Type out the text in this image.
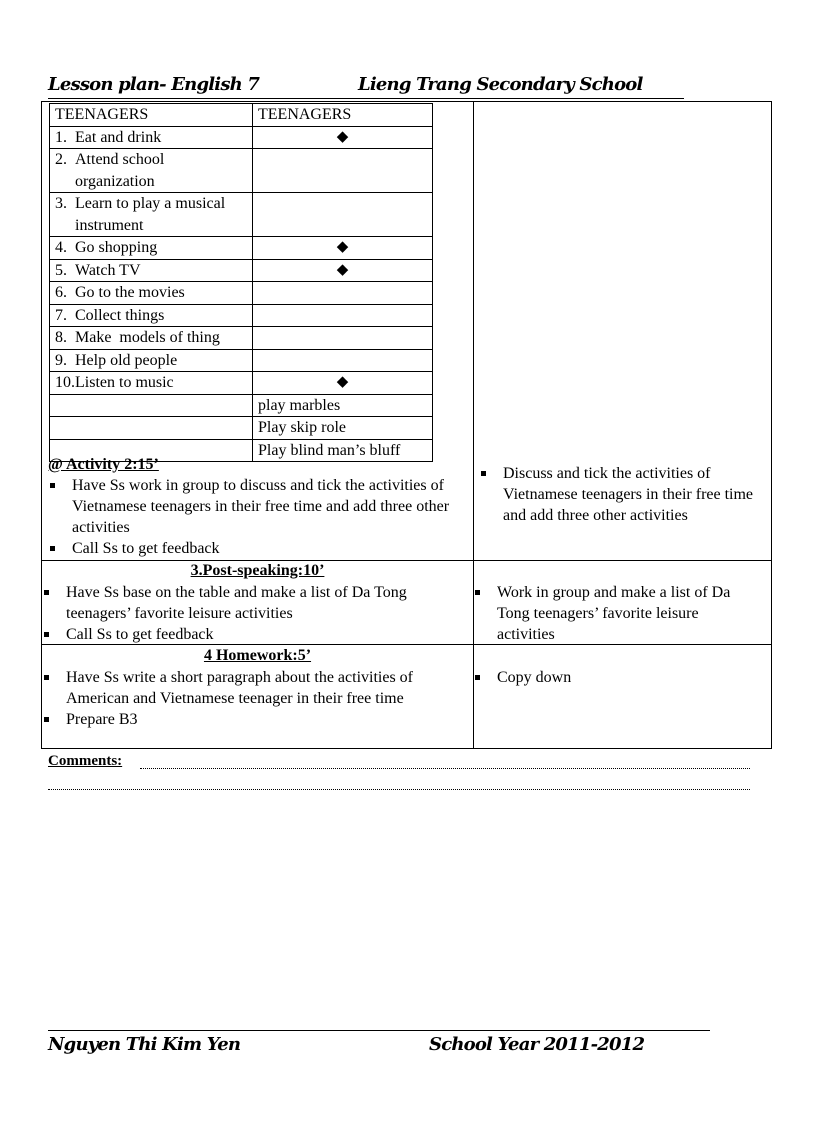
Lesson plan- English 7	Lieng Trang Secondary School
TEENAGERS	TEENAGERS
1. Eat and drink	◆
2. Attend school
organization	

3. Learn to play a musical
instrument	

4. Go shopping	◆
5. Watch TV	◆
6. Go to the movies	
7. Collect things	
8. Make  models of thing	
9. Help old people	
10.Listen to music	◆
	play marbles
	Play skip role
	Play blind man’s bluff
@ Activity 2:15’
Have Ss work in group to discuss and tick the activities of Vietnamese teenagers in their free time and add three other activities
Call Ss to get feedback
Discuss and tick the activities of Vietnamese teenagers in their free time and add three other activities
3.Post-speaking:10’
Have Ss base on the table and make a list of Da Tong teenagers’ favorite leisure activities
Call Ss to get feedback
Work in group and make a list of Da Tong teenagers’ favorite leisure activities
4 Homework:5’
Have Ss write a short paragraph about the activities of American and Vietnamese teenager in their free time
Prepare B3
Copy down
Comments:
Nguyen Thi Kim Yen	School Year 2011-2012
